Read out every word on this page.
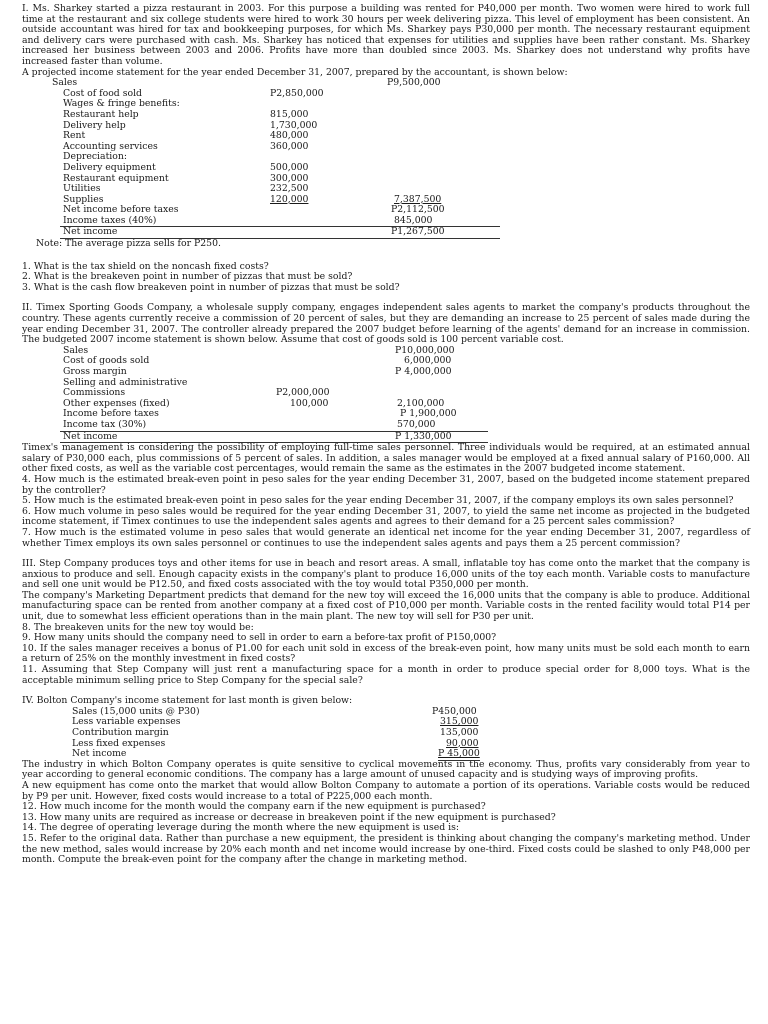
I. Ms. Sharkey started a pizza restaurant in 2003. For this purpose a building was rented for P40,000 per month. Two women were hired to work full time at the restaurant and six college students were hired to work 30 hours per week delivering pizza. This level of employment has been consistent. An outside accountant was hired for tax and bookkeeping purposes, for which Ms. Sharkey pays P30,000 per month. The necessary restaurant equipment and delivery cars were purchased with cash. Ms. Sharkey has noticed that expenses for utilities and supplies have been rather constant. Ms. Sharkey increased her business between 2003 and 2006. Profits have more than doubled since 2003. Ms. Sharkey does not understand why profits have increased faster than volume.

A projected income statement for the year ended December 31, 2007, prepared by the accountant, is shown below:

Sales	P9,500,000
Cost of food sold	P2,850,000
Wages & fringe benefits:
Restaurant help	815,000
Delivery help	1,730,000
Rent	480,000
Accounting services	360,000
Depreciation:
Delivery equipment	500,000
Restaurant equipment	300,000
Utilities	232,500
Supplies	120,000	7,387,500
Net income before taxes	P2,112,500
Income taxes (40%)	845,000
Net income	P1,267,500

Note: The average pizza sells for P250.

1. What is the tax shield on the noncash fixed costs?

2. What is the breakeven point in number of pizzas that must be sold?

3. What is the cash flow breakeven point in number of pizzas that must be sold?

II. Timex Sporting Goods Company, a wholesale supply company, engages independent sales agents to market the company's products throughout the country. These agents currently receive a commission of 20 percent of sales, but they are demanding an increase to 25 percent of sales made during the year ending December 31, 2007. The controller already prepared the 2007 budget before learning of the agents' demand for an increase in commission. The budgeted 2007 income statement is shown below. Assume that cost of goods sold is 100 percent variable cost.

Sales	P10,000,000
Cost of goods sold	6,000,000
Gross margin	P 4,000,000
Selling and administrative
Commissions	P2,000,000
Other expenses (fixed)	100,000	2,100,000
Income before taxes	P 1,900,000
Income tax (30%)	570,000
Net income	P 1,330,000

Timex's management is considering the possibility of employing full-time sales personnel. Three individuals would be required, at an estimated annual salary of P30,000 each, plus commissions of 5 percent of sales. In addition, a sales manager would be employed at a fixed annual salary of P160,000. All other fixed costs, as well as the variable cost percentages, would remain the same as the estimates in the 2007 budgeted income statement.

4. How much is the estimated break-even point in peso sales for the year ending December 31, 2007, based on the budgeted income statement prepared by the controller?

5. How much is the estimated break-even point in peso sales for the year ending December 31, 2007, if the company employs its own sales personnel?

6. How much volume in peso sales would be required for the year ending December 31, 2007, to yield the same net income as projected in the budgeted income statement, if Timex continues to use the independent sales agents and agrees to their demand for a 25 percent sales commission?

7. How much is the estimated volume in peso sales that would generate an identical net income for the year ending December 31, 2007, regardless of whether Timex employs its own sales personnel or continues to use the independent sales agents and pays them a 25 percent commission?

III. Step Company produces toys and other items for use in beach and resort areas. A small, inflatable toy has come onto the market that the company is anxious to produce and sell. Enough capacity exists in the company's plant to produce 16,000 units of the toy each month. Variable costs to manufacture and sell one unit would be P12.50, and fixed costs associated with the toy would total P350,000 per month.

The company's Marketing Department predicts that demand for the new toy will exceed the 16,000 units that the company is able to produce. Additional manufacturing space can be rented from another company at a fixed cost of P10,000 per month. Variable costs in the rented facility would total P14 per unit, due to somewhat less efficient operations than in the main plant. The new toy will sell for P30 per unit.

8. The breakeven units for the new toy would be:

9. How many units should the company need to sell in order to earn a before-tax profit of P150,000?

10. If the sales manager receives a bonus of P1.00 for each unit sold in excess of the break-even point, how many units must be sold each month to earn a return of 25% on the monthly investment in fixed costs?

11. Assuming that Step Company will just rent a manufacturing space for a month in order to produce special order for 8,000 toys. What is the acceptable minimum selling price to Step Company for the special sale?

IV. Bolton Company's income statement for last month is given below:

Sales (15,000 units @ P30)	P450,000
Less variable expenses	315,000
Contribution margin	135,000
Less fixed expenses	90,000
Net income	P 45,000

The industry in which Bolton Company operates is quite sensitive to cyclical movements in the economy. Thus, profits vary considerably from year to year according to general economic conditions. The company has a large amount of unused capacity and is studying ways of improving profits.

A new equipment has come onto the market that would allow Bolton Company to automate a portion of its operations. Variable costs would be reduced by P9 per unit. However, fixed costs would increase to a total of P225,000 each month.

12. How much income for the month would the company earn if the new equipment is purchased?

13. How many units are required as increase or decrease in breakeven point if the new equipment is purchased?

14. The degree of operating leverage during the month where the new equipment is used is:

15. Refer to the original data. Rather than purchase a new equipment, the president is thinking about changing the company's marketing method. Under the new method, sales would increase by 20% each month and net income would increase by one-third. Fixed costs could be slashed to only P48,000 per month. Compute the break-even point for the company after the change in marketing method.
